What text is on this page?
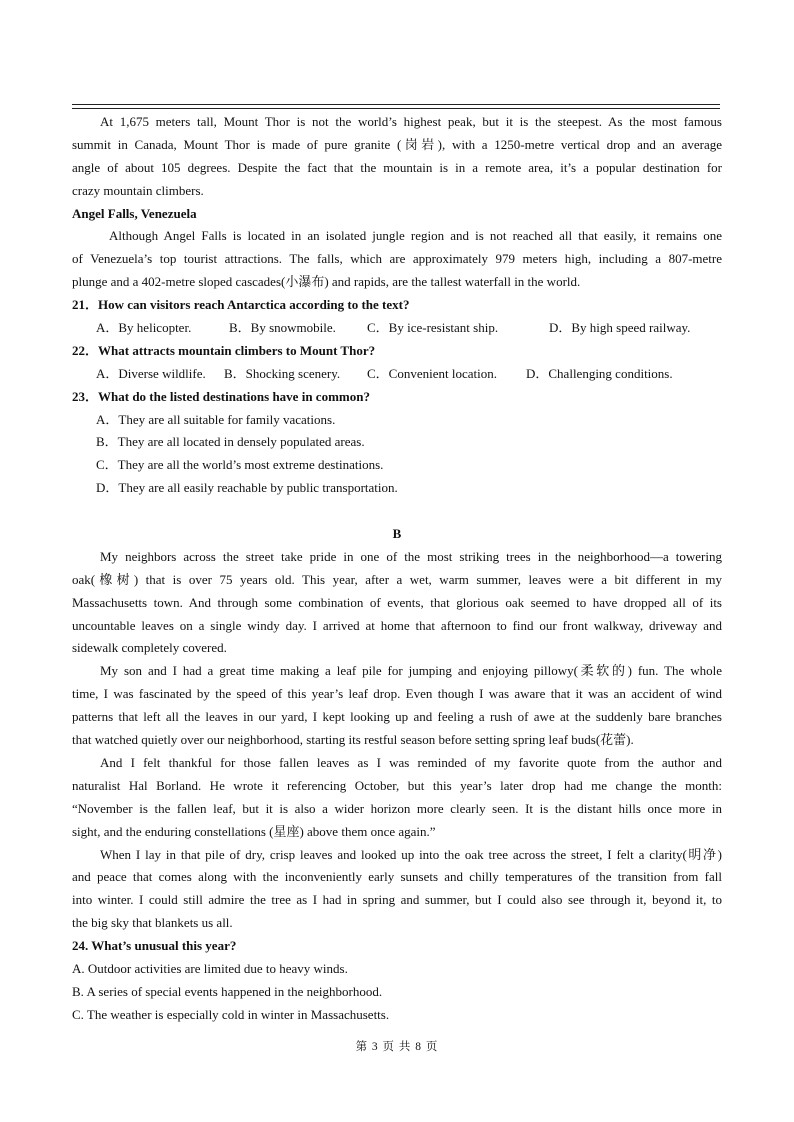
At 1,675 meters tall, Mount Thor is not the world’s highest peak, but it is the steepest. As the most famous
summit in Canada, Mount Thor is made of pure granite (岗岩), with a 1250-metre vertical drop and an average
angle of about 105 degrees. Despite the fact that the mountain is in a remote area, it’s a popular destination for
crazy mountain climbers.
Angel Falls, Venezuela
Although Angel Falls is located in an isolated jungle region and is not reached all that easily, it remains one
of Venezuela’s top tourist attractions. The falls, which are approximately 979 meters high, including a 807-metre
plunge and a 402-metre sloped cascades(小瀑布) and rapids, are the tallest waterfall in the world.
21．How can visitors reach Antarctica according to the text?
A．By helicopter.	B．By snowmobile. C．By ice-resistant ship.	D．By high speed railway.
22．What attracts mountain climbers to Mount Thor?
A．Diverse wildlife. B．Shocking scenery. C．Convenient location. D．Challenging conditions.
23．What do the listed destinations have in common?
A．They are all suitable for family vacations.
B．They are all located in densely populated areas.
C．They are all the world’s most extreme destinations.
D．They are all easily reachable by public transportation.
B
My neighbors across the street take pride in one of the most striking trees in the neighborhood—a towering
oak(橡树) that is over 75 years old. This year, after a wet, warm summer, leaves were a bit different in my
Massachusetts town. And through some combination of events, that glorious oak seemed to have dropped all of its
uncountable leaves on a single windy day. I arrived at home that afternoon to find our front walkway, driveway and
sidewalk completely covered.
My son and I had a great time making a leaf pile for jumping and enjoying pillowy(柔软的) fun. The whole
time, I was fascinated by the speed of this year’s leaf drop. Even though I was aware that it was an accident of wind
patterns that left all the leaves in our yard, I kept looking up and feeling a rush of awe at the suddenly bare branches
that watched quietly over our neighborhood, starting its restful season before setting spring leaf buds(花蕾).
And I felt thankful for those fallen leaves as I was reminded of my favorite quote from the author and
naturalist Hal Borland. He wrote it referencing October, but this year’s later drop had me change the month:
“November is the fallen leaf, but it is also a wider horizon more clearly seen. It is the distant hills once more in
sight, and the enduring constellations (星座) above them once again.”
When I lay in that pile of dry, crisp leaves and looked up into the oak tree across the street, I felt a clarity(明净)
and peace that comes along with the inconveniently early sunsets and chilly temperatures of the transition from fall
into winter. I could still admire the tree as I had in spring and summer, but I could also see through it, beyond it, to
the big sky that blankets us all.
24. What’s unusual this year?
A. Outdoor activities are limited due to heavy winds.
B. A series of special events happened in the neighborhood.
C. The weather is especially cold in winter in Massachusetts.
第 3 页 共 8 页
